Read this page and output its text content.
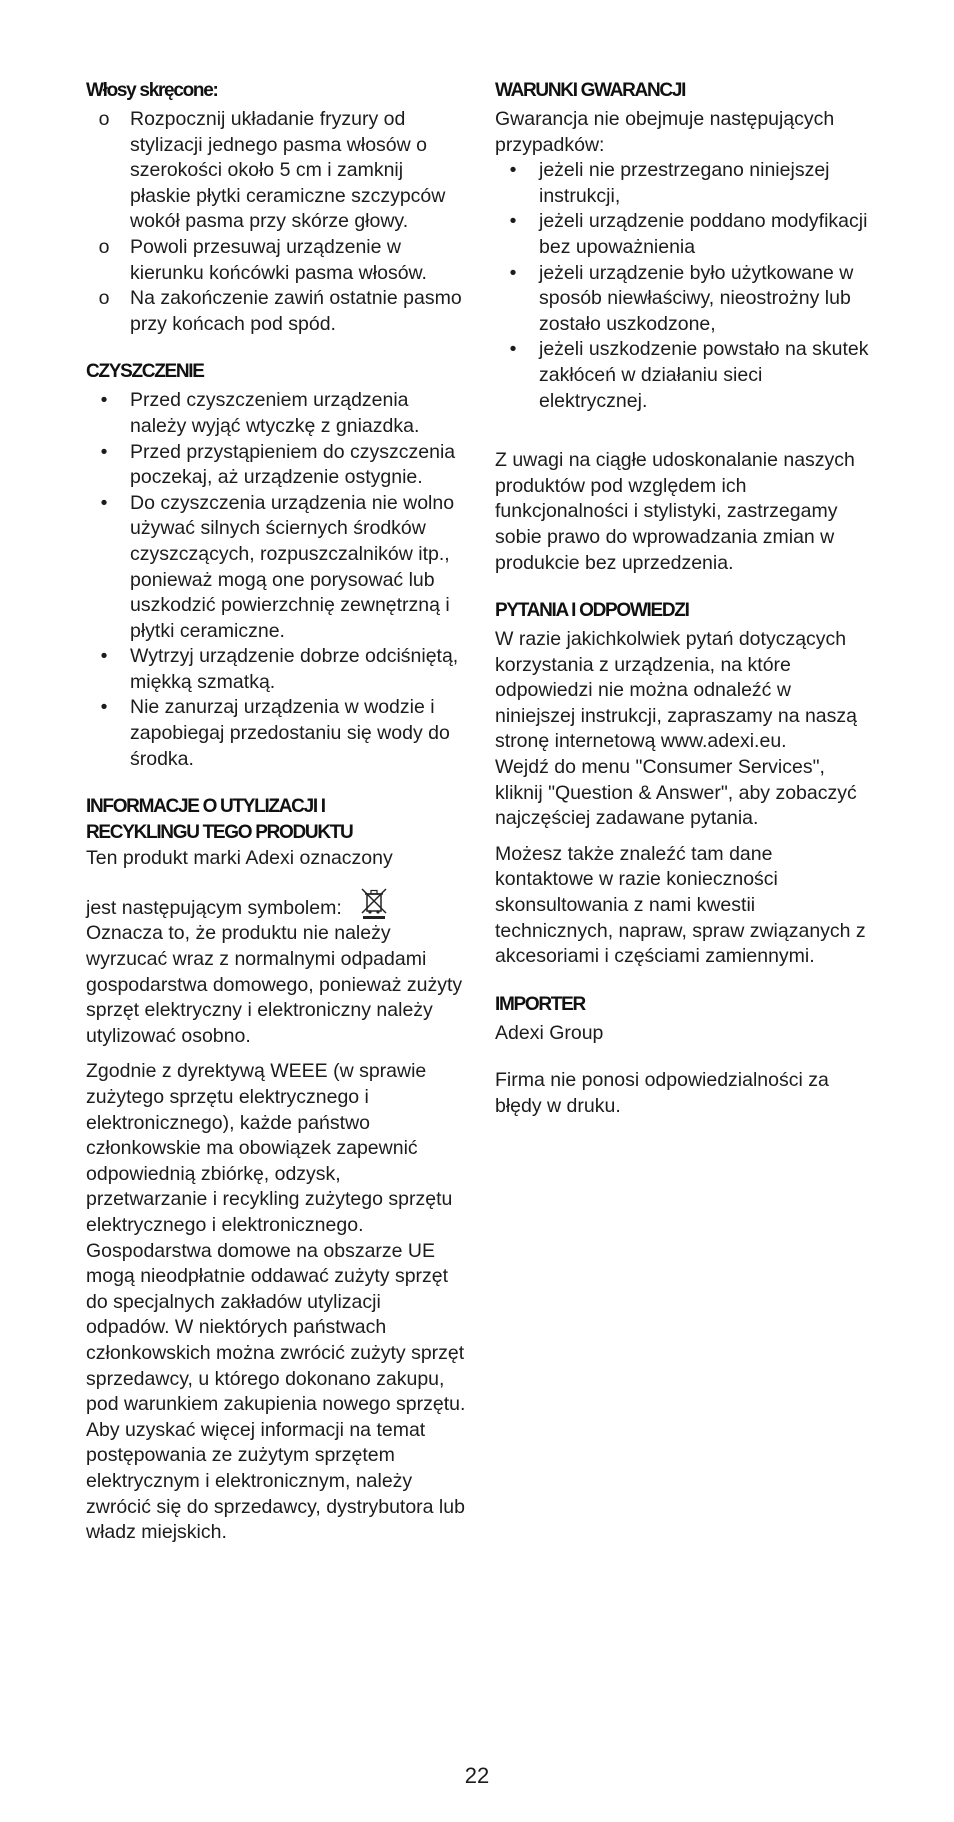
Włosy skręcone:
o Rozpocznij układanie fryzury od stylizacji jednego pasma włosów o szerokości około 5 cm i zamknij płaskie płytki ceramiczne szczypców wokół pasma przy skórze głowy.
o Powoli przesuwaj urządzenie w kierunku końcówki pasma włosów.
o Na zakończenie zawiń ostatnie pasmo przy końcach pod spód.
CZYSZCZENIE
•	Przed czyszczeniem urządzenia należy wyjąć wtyczkę z gniazdka.
•	Przed przystąpieniem do czyszczenia poczekaj, aż urządzenie ostygnie.
•	Do czyszczenia urządzenia nie wolno używać silnych ściernych środków czyszczących, rozpuszczalników itp., ponieważ mogą one porysować lub uszkodzić powierzchnię zewnętrzną i płytki ceramiczne.
•	Wytrzyj urządzenie dobrze odciśniętą, miękką szmatką.
•	Nie zanurzaj urządzenia w wodzie i zapobiegaj przedostaniu się wody do środka.
INFORMACJE O UTYLIZACJI I
RECYKLINGU TEGO PRODUKTU

Ten produkt marki Adexi oznaczony

jest następującym symbolem:

Oznacza to, że produktu nie należy wyrzucać wraz z normalnymi odpadami gospodarstwa domowego, ponieważ zużyty sprzęt elektryczny i elektroniczny należy utylizować osobno.

Zgodnie z dyrektywą WEEE (w sprawie zużytego sprzętu elektrycznego i elektronicznego), każde państwo członkowskie ma obowiązek zapewnić odpowiednią zbiórkę, odzysk, przetwarzanie i recykling zużytego sprzętu elektrycznego i elektronicznego. Gospodarstwa domowe na obszarze UE mogą nieodpłatnie oddawać zużyty sprzęt do specjalnych zakładów utylizacji odpadów. W niektórych państwach członkowskich można zwrócić zużyty sprzęt sprzedawcy, u którego dokonano zakupu, pod warunkiem zakupienia nowego sprzętu. Aby uzyskać więcej informacji na temat postępowania ze zużytym sprzętem elektrycznym i elektronicznym, należy zwrócić się do sprzedawcy, dystrybutora lub władz miejskich.

WARUNKI GWARANCJI

Gwarancja nie obejmuje następujących przypadków:

•	jeżeli nie przestrzegano niniejszej instrukcji,
•	jeżeli urządzenie poddano modyfikacji bez upoważnienia
•	jeżeli urządzenie było użytkowane w sposób niewłaściwy, nieostrożny lub zostało uszkodzone,
•	jeżeli uszkodzenie powstało na skutek zakłóceń w działaniu sieci elektrycznej.

Z uwagi na ciągłe udoskonalanie naszych produktów pod względem ich funkcjonalności i stylistyki, zastrzegamy sobie prawo do wprowadzania zmian w produkcie bez uprzedzenia.

PYTANIA I ODPOWIEDZI

W razie jakichkolwiek pytań dotyczących korzystania z urządzenia, na które odpowiedzi nie można odnaleźć w niniejszej instrukcji, zapraszamy na naszą stronę internetową www.adexi.eu.

Wejdź do menu "Consumer Services", kliknij "Question & Answer", aby zobaczyć najczęściej zadawane pytania.

Możesz także znaleźć tam dane kontaktowe w razie konieczności skonsultowania z nami kwestii technicznych, napraw, spraw związanych z akcesoriami i częściami zamiennymi.

IMPORTER

Adexi Group

Firma nie ponosi odpowiedzialności za błędy w druku.

22
